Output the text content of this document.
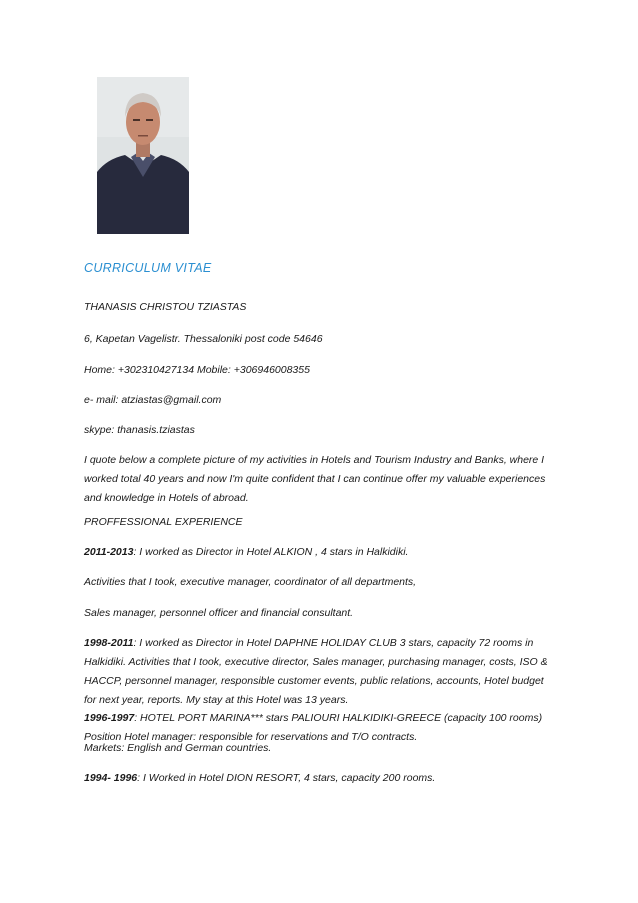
CURRICULUM VITAE
THANASIS CHRISTOU TZIASTAS
6, Kapetan Vagelistr. Thessaloniki post code 54646
Home: +302310427134 Mobile: +306946008355
e- mail: atziastas@gmail.com
skype: thanasis.tziastas
I quote below a complete picture of my activities in Hotels and Tourism Industry and Banks, where I worked total 40 years and now I'm quite confident that I can continue offer my valuable experiences and knowledge in Hotels of abroad.
PROFFESSIONAL EXPERIENCE
2011-2013: I worked as Director in Hotel ALKION , 4 stars in Halkidiki.
Activities that I took, executive manager, coordinator of all departments,
Sales manager, personnel officer and financial consultant.
1998-2011: I worked as Director in Hotel DAPHNE HOLIDAY CLUB 3 stars, capacity 72 rooms in Halkidiki. Activities that I took, executive director, Sales manager, purchasing manager, costs, ISO & HACCP, personnel manager, responsible customer events, public relations, accounts, Hotel budget for next year, reports. My stay at this Hotel was 13 years.
1996-1997: HOTEL PORT MARINA*** stars PALIOURI HALKIDIKI-GREECE (capacity 100 rooms) Position Hotel manager: responsible for reservations and T/O contracts.
Markets: English and German countries.
1994- 1996: I Worked in Hotel DION RESORT, 4 stars, capacity 200 rooms.
